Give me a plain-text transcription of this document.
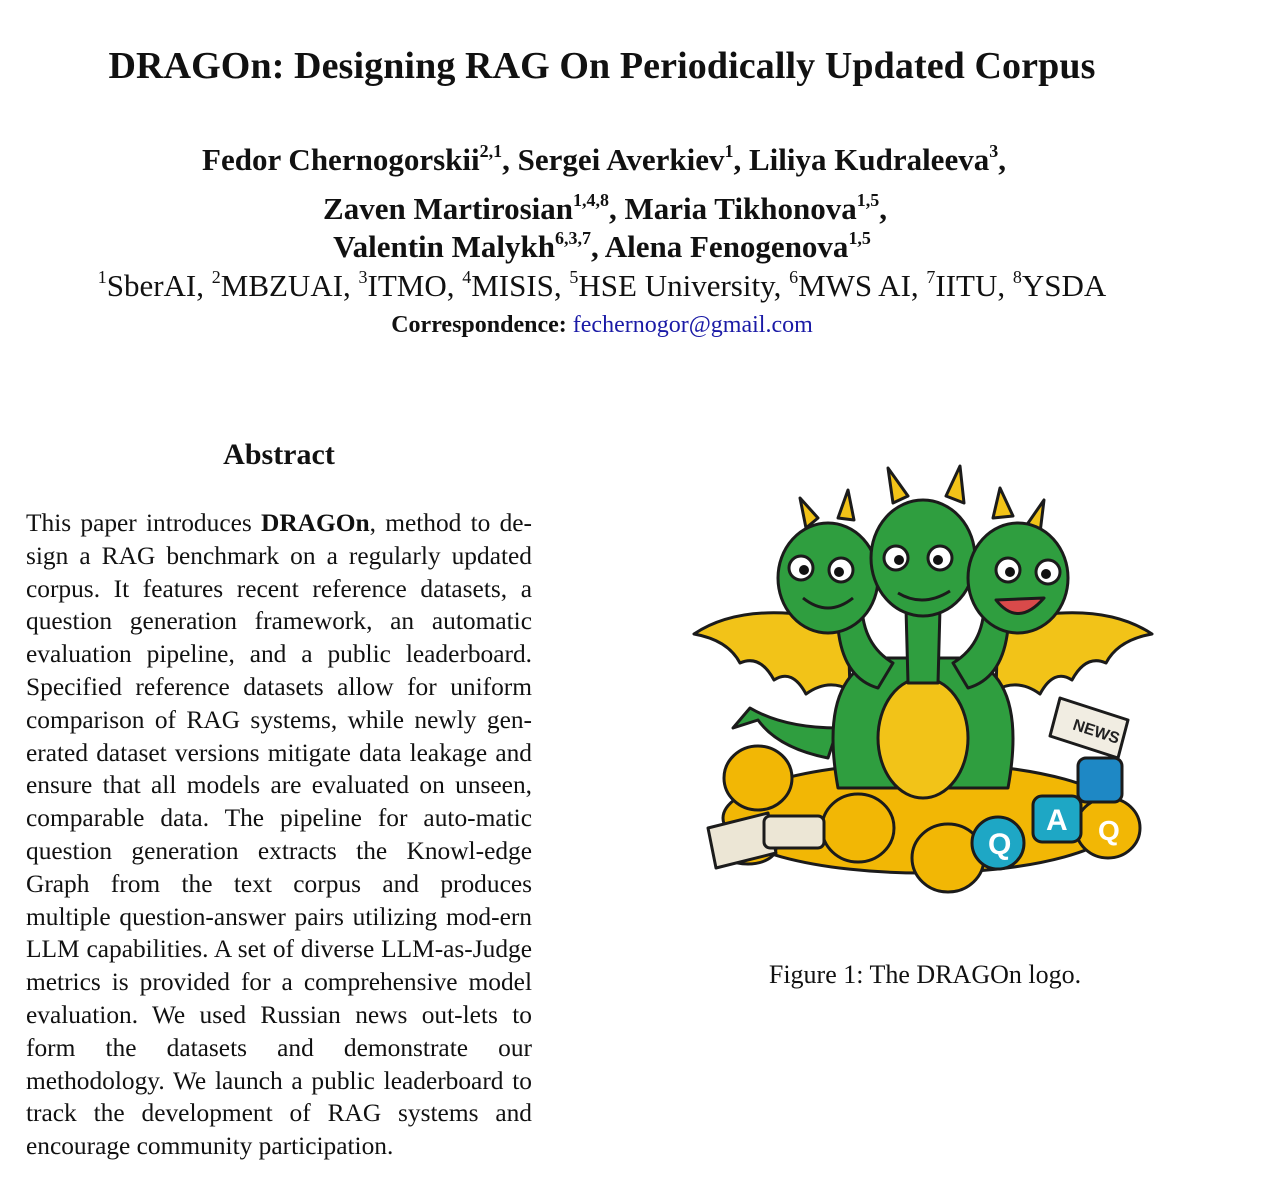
DRAGOn: Designing RAG On Periodically Updated Corpus
Fedor Chernogorskii$^{2,1}$, Sergei Averkiev$^1$, Liliya Kudraleeva$^3$,
Zaven Martirosian$^{1,4,8}$, Maria Tikhonova$^{1,5}$,
Valentin Malykh$^{6,3,7}$, Alena Fenogenova$^{1,5}$
$^1$SberAI, $^2$MBZUAI, $^3$ITMO, $^4$MISIS, $^5$HSE University, $^6$MWS AI, $^7$IITU, $^8$YSDA
Correspondence: fechernogor@gmail.com
Abstract
This paper introduces DRAGOn, method to de-sign a RAG benchmark on a regularly updated corpus. It features recent reference datasets, a question generation framework, an automatic evaluation pipeline, and a public leaderboard. Specified reference datasets allow for uniform comparison of RAG systems, while newly gen-erated dataset versions mitigate data leakage and ensure that all models are evaluated on unseen, comparable data. The pipeline for auto-matic question generation extracts the Knowl-edge Graph from the text corpus and produces multiple question-answer pairs utilizing mod-ern LLM capabilities. A set of diverse LLM-as-Judge metrics is provided for a comprehensive model evaluation. We used Russian news out-lets to form the datasets and demonstrate our methodology. We launch a public leaderboard to track the development of RAG systems and encourage community participation.
NEWS
Q
A Q
Figure 1: The DRAGOn logo.
